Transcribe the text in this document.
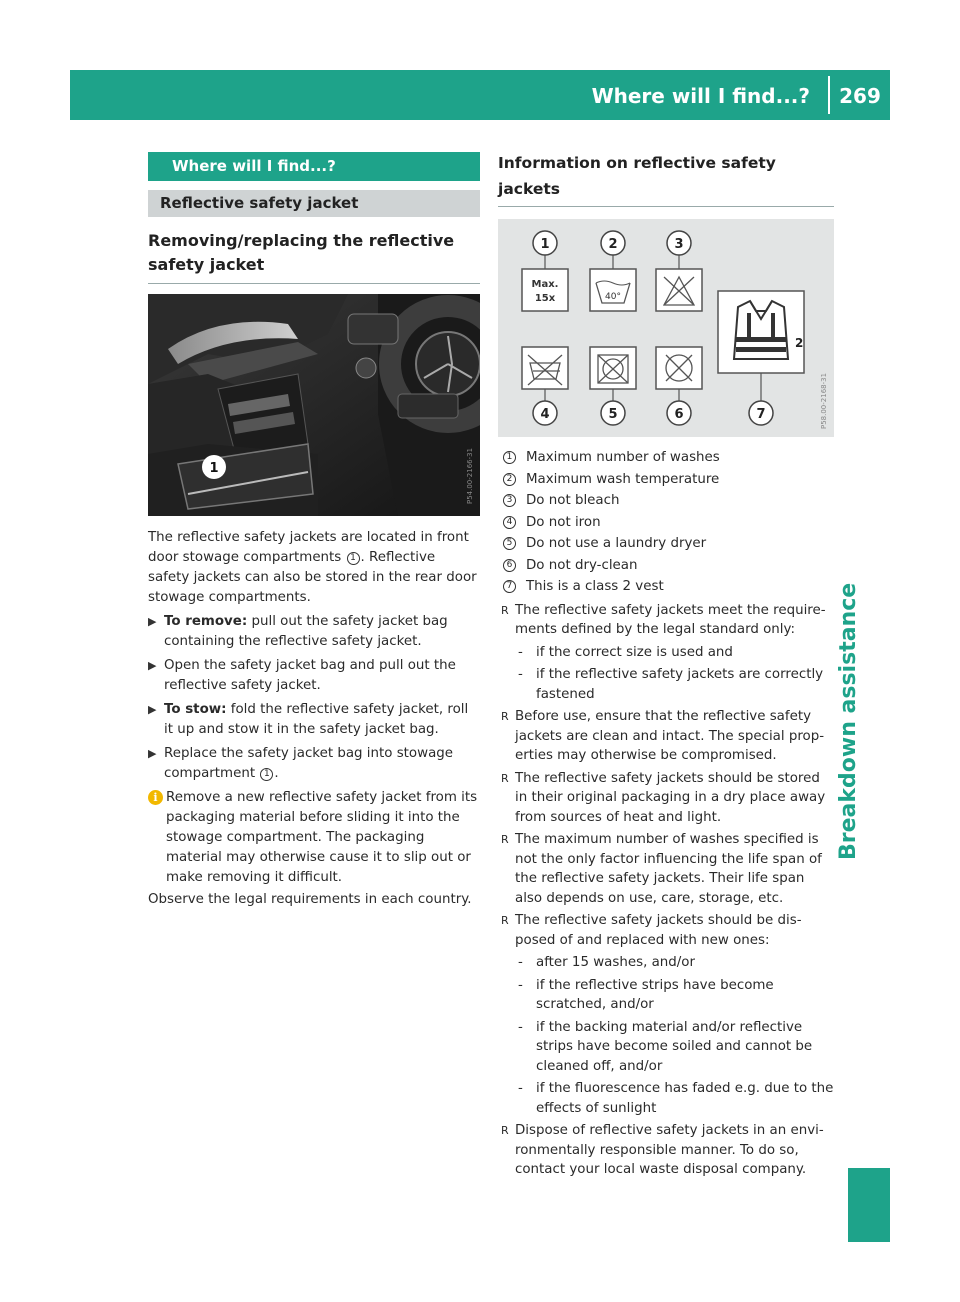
Where will I find...?	269
Breakdown assistance
Where will I find...?
Reflective safety jacket
Removing/replacing the reflective safety jacket
1	P54.00-2166-31
The reflective safety jackets are located in front door stowage compartments 1 . Reflective safety jackets can also be stored in the rear door stowage compartments.
▶ To remove: pull out the safety jacket bag containing the reflective safety jacket.
▶ Open the safety jacket bag and pull out the reflective safety jacket.
▶ To stow: fold the reflective safety jacket, roll it up and stow it in the safety jacket bag.
▶ Replace the safety jacket bag into stowage compartment 1 .
i Remove a new reflective safety jacket from its packaging material before sliding it into the stowage compartment. The packaging material may otherwise cause it to slip out or make removing it difficult.
Observe the legal requirements in each country.
Information on reflective safety jackets
1	2	3
4	5	6	7
Max.
15x	40°
2
P58.00-2168-31
1 Maximum number of washes
2 Maximum wash temperature
3 Do not bleach
4 Do not iron
5 Do not use a laundry dryer
6 Do not dry-clean
7 This is a class 2 vest
R The reflective safety jackets meet the requirements defined by the legal standard only:
- if the correct size is used and
- if the reflective safety jackets are correctly fastened
R Before use, ensure that the reflective safety jackets are clean and intact. The special properties may otherwise be compromised.
R The reflective safety jackets should be stored in their original packaging in a dry place away from sources of heat and light.
R The maximum number of washes specified is not the only factor influencing the life span of the reflective safety jackets. Their life span also depends on use, care, storage, etc.
R The reflective safety jackets should be disposed of and replaced with new ones:
- after 15 washes, and/or
- if the reflective strips have become scratched, and/or
- if the backing material and/or reflective strips have become soiled and cannot be cleaned off, and/or
- if the fluorescence has faded e.g. due to the effects of sunlight
R Dispose of reflective safety jackets in an environmentally responsible manner. To do so, contact your local waste disposal company.
